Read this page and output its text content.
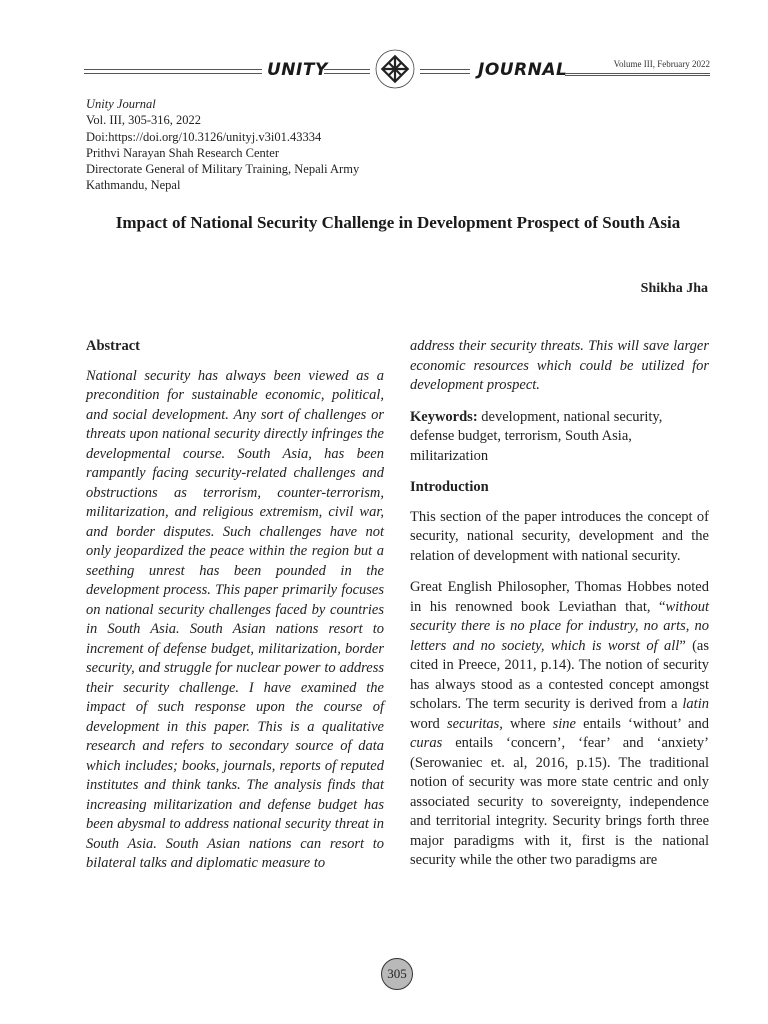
UNITY	JOURNAL	Volume III, February 2022
Unity Journal
Vol. III, 305-316, 2022
Doi:https://doi.org/10.3126/unityj.v3i01.43334
Prithvi Narayan Shah Research Center
Directorate General of Military Training, Nepali Army
Kathmandu, Nepal
Impact of National Security Challenge in Development Prospect of South Asia
Shikha Jha
Abstract

National security has always been viewed as a precondition for sustainable economic, political, and social development. Any sort of challenges or threats upon national security directly infringes the developmental course. South Asia, has been rampantly facing security-related challenges and obstructions as terrorism, counter-terrorism, militarization, and religious extremism, civil war, and border disputes. Such challenges have not only jeopardized the peace within the region but a seething unrest has been pounded in the development process. This paper primarily focuses on national security challenges faced by countries in South Asia. South Asian nations resort to increment of defense budget, militarization, border security, and struggle for nuclear power to address their security challenge. I have examined the impact of such response upon the course of development in this paper. This is a qualitative research and refers to secondary source of data which includes; books, journals, reports of reputed institutes and think tanks. The analysis finds that increasing militarization and defense budget has been abysmal to address national security threat in South Asia. South Asian nations can resort to bilateral talks and diplomatic measure to

address their security threats. This will save larger economic resources which could be utilized for development prospect.

Keywords: development, national security, defense budget, terrorism, South Asia, militarization

Introduction

This section of the paper introduces the concept of security, national security, development and the relation of development with national security.

Great English Philosopher, Thomas Hobbes noted in his renowned book Leviathan that, “without security there is no place for industry, no arts, no letters and no society, which is worst of all” (as cited in Preece, 2011, p.14). The notion of security has always stood as a contested concept amongst scholars. The term security is derived from a latin word securitas, where sine entails ‘without’ and curas entails ‘concern’, ‘fear’ and ‘anxiety’ (Serowaniec et. al, 2016, p.15). The traditional notion of security was more state centric and only associated security to sovereignty, independence and territorial integrity. Security brings forth three major paradigms with it, first is the national security while the other two paradigms are

305
